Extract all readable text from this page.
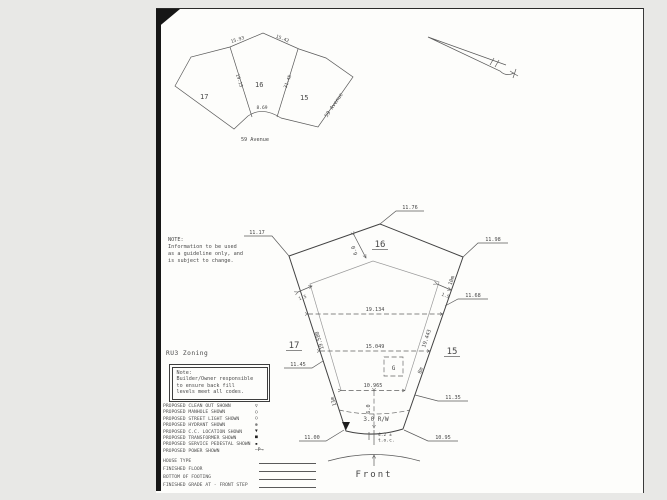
17
16
15
15.93	15.42
19.15	31.45
8.69
59 Avenue
59 Avenue
G
16
17
15
11.17
11.76
11.98
11.68
11.45
11.35
11.00	10.95
19.134
15.049
10.965
6.0
1.5	1.5
19.580	19.443
10m
8m
13m
6.0
3.0 R/W
4.2 ±
t.o.c.
Front
NOTE:
Information to be used
as a guideline only, and
is subject to change.
RU3 Zoning
Note:
Builder/Owner responsible
to ensure back fill
levels meet all codes.
PROPOSED CLEAN OUT SHOWN	▽
PROPOSED MANHOLE SHOWN	○
PROPOSED STREET LIGHT SHOWN	○
PROPOSED HYDRANT SHOWN	⊕
PROPOSED C.C. LOCATION SHOWN	▼
PROPOSED TRANSFORMER SHOWN	■
PROPOSED SERVICE PEDESTAL SHOWN ▪
PROPOSED POWER SHOWN	–P⟶
HOUSE TYPE
FINISHED FLOOR
BOTTOM OF FOOTING
FINISHED GRADE AT - FRONT STEP
